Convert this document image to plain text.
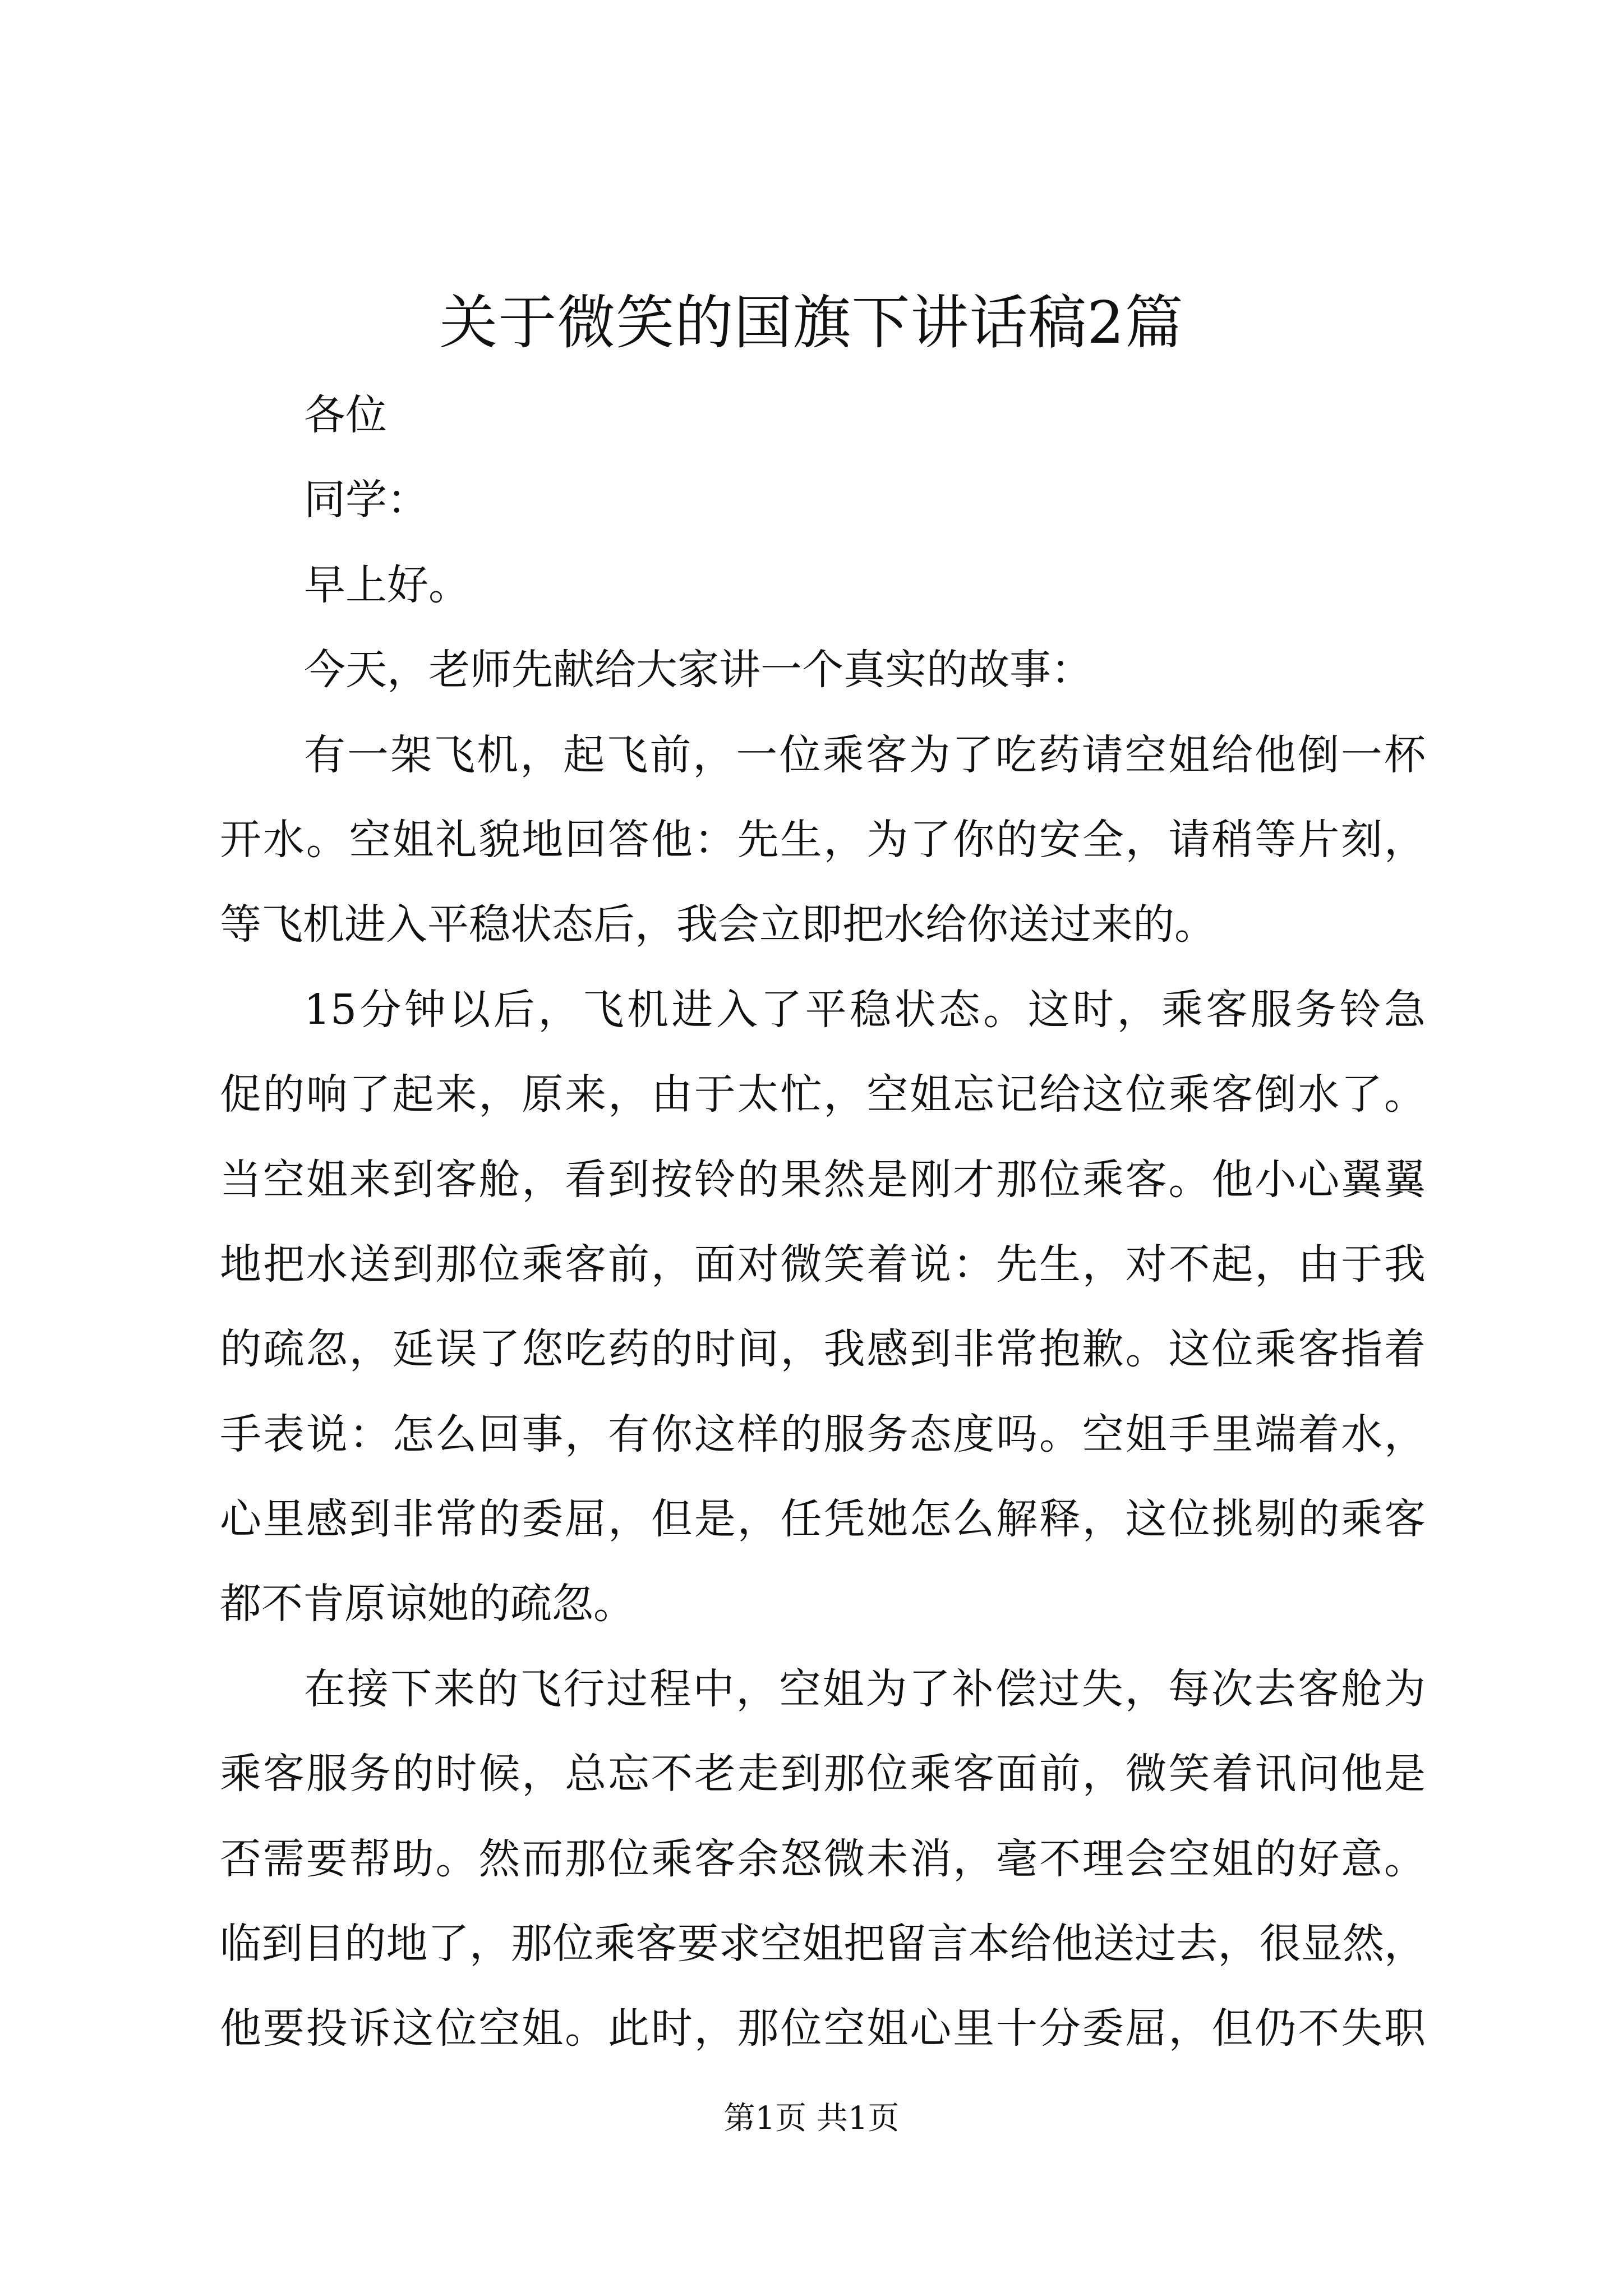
关于微笑的国旗下讲话稿2篇
各位
同学：
早上好。
今天，老师先献给大家讲一个真实的故事：
有一架飞机，起飞前，一位乘客为了吃药请空姐给他倒一杯
开水。空姐礼貌地回答他：先生，为了你的安全，请稍等片刻，
等飞机进入平稳状态后，我会立即把水给你送过来的。
15分钟以后，飞机进入了平稳状态。这时，乘客服务铃急
促的响了起来，原来，由于太忙，空姐忘记给这位乘客倒水了。
当空姐来到客舱，看到按铃的果然是刚才那位乘客。他小心翼翼
地把水送到那位乘客前，面对微笑着说：先生，对不起，由于我
的疏忽，延误了您吃药的时间，我感到非常抱歉。这位乘客指着
手表说：怎么回事，有你这样的服务态度吗。空姐手里端着水，
心里感到非常的委屈，但是，任凭她怎么解释，这位挑剔的乘客
都不肯原谅她的疏忽。
在接下来的飞行过程中，空姐为了补偿过失，每次去客舱为
乘客服务的时候，总忘不老走到那位乘客面前，微笑着讯问他是
否需要帮助。然而那位乘客余怒微未消，毫不理会空姐的好意。
临到目的地了，那位乘客要求空姐把留言本给他送过去，很显然，
他要投诉这位空姐。此时，那位空姐心里十分委屈，但仍不失职
第1页 共1页
